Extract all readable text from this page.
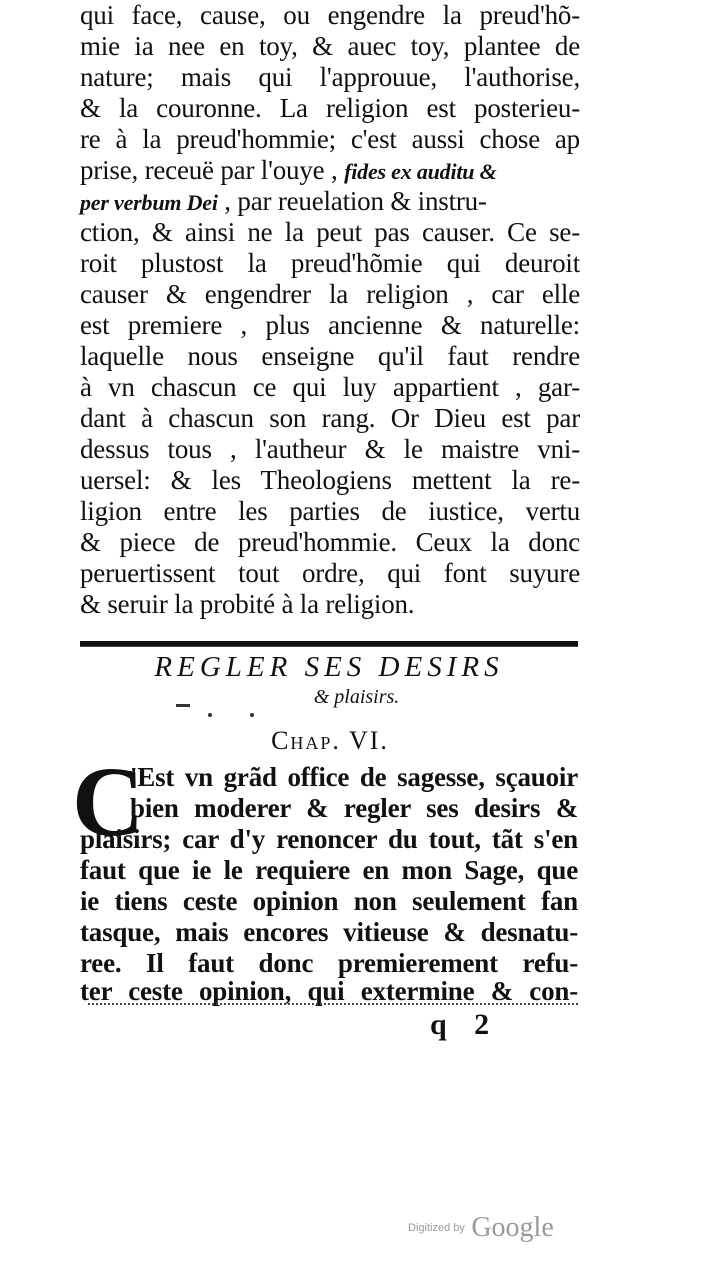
qui face, cause, ou engendre la preud'hõ-
mie ia nee en toy, & auec toy, plantee de
nature; mais qui l'approuue, l'authorise,
& la couronne. La religion est posterieu-
re à la preud'hommie; c'est aussi chose ap
prise, receuë par l'ouye , fides ex auditu &
per verbum Dei , par reuelation & instru-
ction, & ainsi ne la peut pas causer. Ce se-
roit plustost la preud'hõmie qui deuroit
causer & engendrer la religion , car elle
est premiere , plus ancienne & naturelle:
laquelle nous enseigne qu'il faut rendre
à vn chascun ce qui luy appartient , gar-
dant à chascun son rang. Or Dieu est par
dessus tous , l'autheur & le maistre vni-
uersel: & les Theologiens mettent la re-
ligion entre les parties de iustice, vertu
& piece de preud'hommie. Ceux la donc
peruertissent tout ordre, qui font suyure
& seruir la probité à la religion.
REGLER SES DESIRS
& plaisirs.
Chap. VI.
C
'Est vn grãd office de sagesse, sçauoir
bien moderer & regler ses desirs &
plaisirs; car d'y renoncer du tout, tãt s'en
faut que ie le requiere en mon Sage, que
ie tiens ceste opinion non seulement fan
tasque, mais encores vitieuse & desnatu-
ree. Il faut donc premierement refu-
ter ceste opinion, qui extermine & con-
q 2
Digitized by Google
